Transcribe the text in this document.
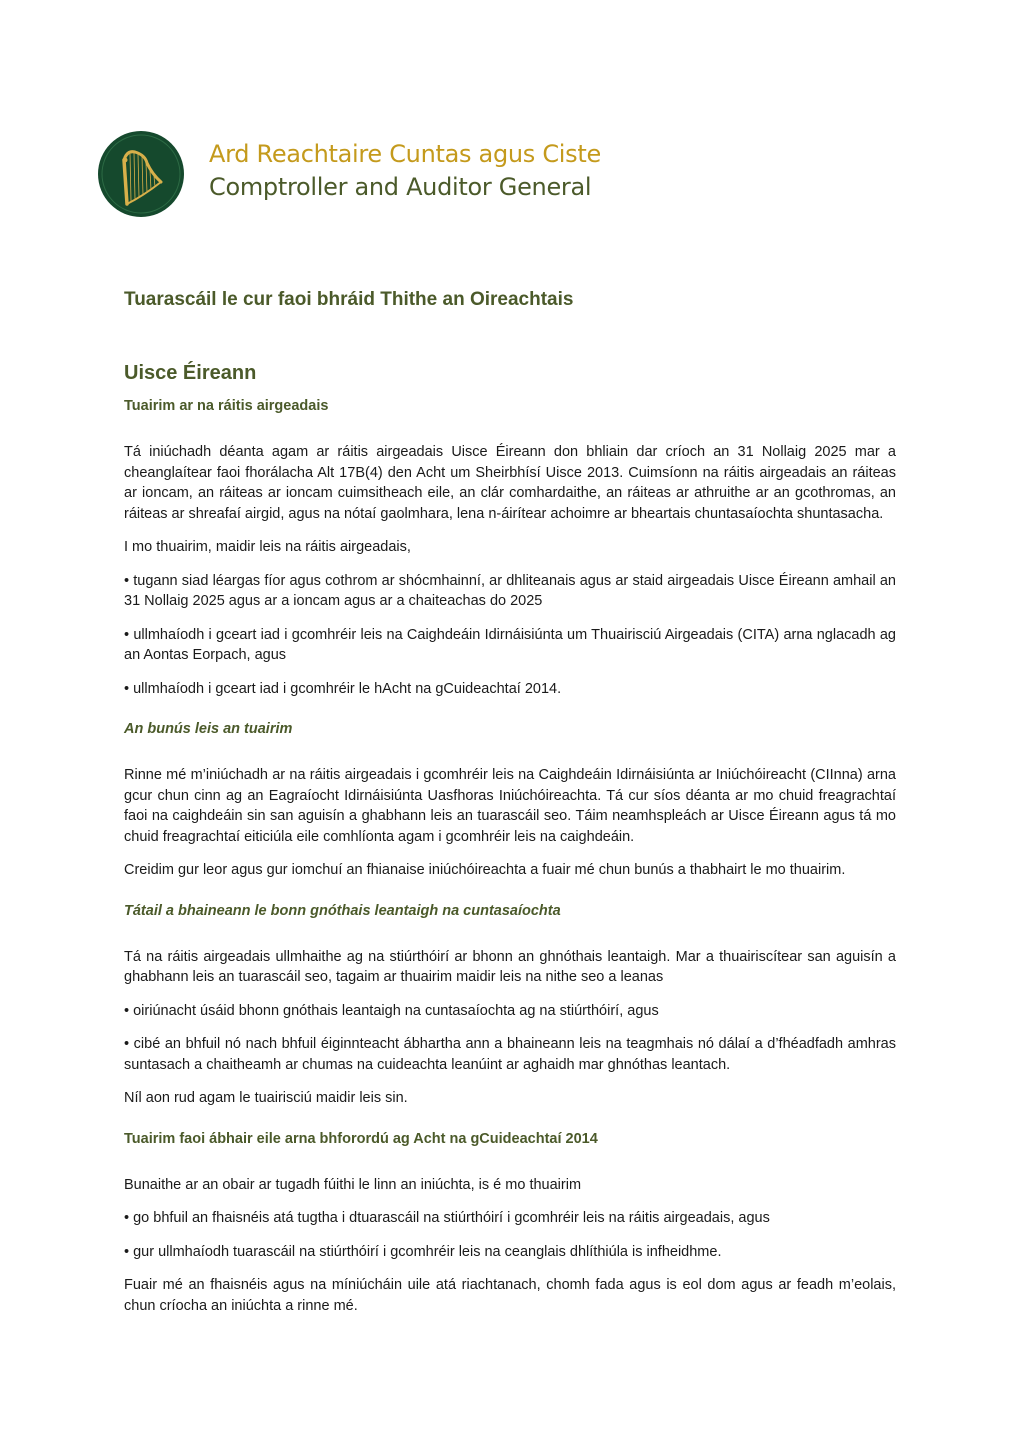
Ard Reachtaire Cuntas agus Ciste
Comptroller and Auditor General
Tuarascáil le cur faoi bhráid Thithe an Oireachtais
Uisce Éireann
Tuairim ar na ráitis airgeadais

Tá iniúchadh déanta agam ar ráitis airgeadais Uisce Éireann don bhliain dar críoch an 31 Nollaig 2025 mar a cheanglaítear faoi fhorálacha Alt 17B(4) den Acht um Sheirbhísí Uisce 2013. Cuimsíonn na ráitis airgeadais an ráiteas ar ioncam, an ráiteas ar ioncam cuimsitheach eile, an clár comhardaithe, an ráiteas ar athruithe ar an gcothromas, an ráiteas ar shreafaí airgid, agus na nótaí gaolmhara, lena n-áirítear achoimre ar bheartais chuntasaíochta shuntasacha.

I mo thuairim, maidir leis na ráitis airgeadais,

• tugann siad léargas fíor agus cothrom ar shócmhainní, ar dhliteanais agus ar staid airgeadais Uisce Éireann amhail an 31 Nollaig 2025 agus ar a ioncam agus ar a chaiteachas do 2025

• ullmhaíodh i gceart iad i gcomhréir leis na Caighdeáin Idirnáisiúnta um Thuairisciú Airgeadais (CITA) arna nglacadh ag an Aontas Eorpach, agus

• ullmhaíodh i gceart iad i gcomhréir le hAcht na gCuideachtaí 2014.

An bunús leis an tuairim

Rinne mé m’iniúchadh ar na ráitis airgeadais i gcomhréir leis na Caighdeáin Idirnáisiúnta ar Iniúchóireacht (CIInna) arna gcur chun cinn ag an Eagraíocht Idirnáisiúnta Uasfhoras Iniúchóireachta. Tá cur síos déanta ar mo chuid freagrachtaí faoi na caighdeáin sin san aguisín a ghabhann leis an tuarascáil seo. Táim neamhspleách ar Uisce Éireann agus tá mo chuid freagrachtaí eiticiúla eile comhlíonta agam i gcomhréir leis na caighdeáin.

Creidim gur leor agus gur iomchuí an fhianaise iniúchóireachta a fuair mé chun bunús a thabhairt le mo thuairim.

Tátail a bhaineann le bonn gnóthais leantaigh na cuntasaíochta

Tá na ráitis airgeadais ullmhaithe ag na stiúrthóirí ar bhonn an ghnóthais leantaigh. Mar a thuairiscítear san aguisín a ghabhann leis an tuarascáil seo, tagaim ar thuairim maidir leis na nithe seo a leanas

• oiriúnacht úsáid bhonn gnóthais leantaigh na cuntasaíochta ag na stiúrthóirí, agus

• cibé an bhfuil nó nach bhfuil éiginnteacht ábhartha ann a bhaineann leis na teagmhais nó dálaí a d’fhéadfadh amhras suntasach a chaitheamh ar chumas na cuideachta leanúint ar aghaidh mar ghnóthas leantach.

Níl aon rud agam le tuairisciú maidir leis sin.

Tuairim faoi ábhair eile arna bhforordú ag Acht na gCuideachtaí 2014

Bunaithe ar an obair ar tugadh fúithi le linn an iniúchta, is é mo thuairim

• go bhfuil an fhaisnéis atá tugtha i dtuarascáil na stiúrthóirí i gcomhréir leis na ráitis airgeadais, agus

• gur ullmhaíodh tuarascáil na stiúrthóirí i gcomhréir leis na ceanglais dhlíthiúla is infheidhme.

Fuair mé an fhaisnéis agus na míniúcháin uile atá riachtanach, chomh fada agus is eol dom agus ar feadh m’eolais, chun críocha an iniúchta a rinne mé.
